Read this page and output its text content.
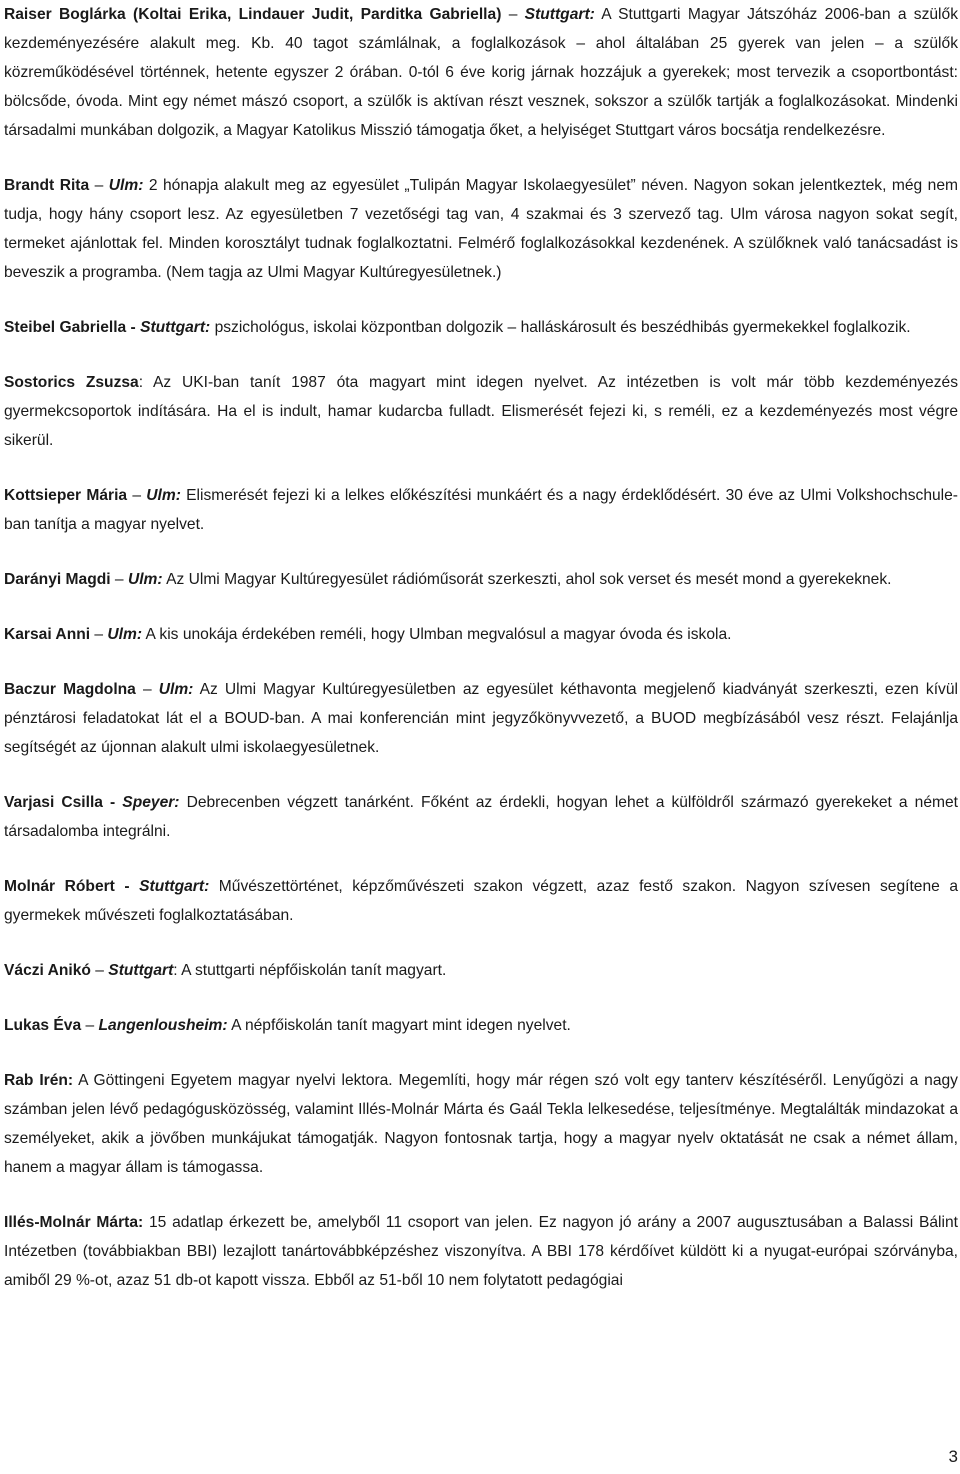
Raiser Boglárka (Koltai Erika, Lindauer Judit, Parditka Gabriella) – Stuttgart: A Stuttgarti Magyar Játszóház 2006-ban a szülők kezdeményezésére alakult meg. Kb. 40 tagot számlálnak, a foglalkozások – ahol általában 25 gyerek van jelen – a szülők közreműködésével történnek, hetente egyszer 2 órában. 0-tól 6 éve korig járnak hozzájuk a gyerekek; most tervezik a csoportbontást: bölcsőde, óvoda. Mint egy német mászó csoport, a szülők is aktívan részt vesznek, sokszor a szülők tartják a foglalkozásokat. Mindenki társadalmi munkában dolgozik, a Magyar Katolikus Misszió támogatja őket, a helyiséget Stuttgart város bocsátja rendelkezésre.

Brandt Rita – Ulm: 2 hónapja alakult meg az egyesület „Tulipán Magyar Iskolaegyesület” néven. Nagyon sokan jelentkeztek, még nem tudja, hogy hány csoport lesz. Az egyesületben 7 vezetőségi tag van, 4 szakmai és 3 szervező tag. Ulm városa nagyon sokat segít, termeket ajánlottak fel. Minden korosztályt tudnak foglalkoztatni. Felmérő foglalkozásokkal kezdenének. A szülőknek való tanácsadást is beveszik a programba. (Nem tagja az Ulmi Magyar Kultúregyesületnek.)

Steibel Gabriella - Stuttgart: pszichológus, iskolai központban dolgozik – halláskárosult és beszédhibás gyermekekkel foglalkozik.

Sostorics Zsuzsa: Az UKI-ban tanít 1987 óta magyart mint idegen nyelvet. Az intézetben is volt már több kezdeményezés gyermekcsoportok indítására. Ha el is indult, hamar kudarcba fulladt. Elismerését fejezi ki, s reméli, ez a kezdeményezés most végre sikerül.

Kottsieper Mária – Ulm: Elismerését fejezi ki a lelkes előkészítési munkáért és a nagy érdeklődésért. 30 éve az Ulmi Volkshochschule-ban tanítja a magyar nyelvet.

Darányi Magdi – Ulm: Az Ulmi Magyar Kultúregyesület rádióműsorát szerkeszti, ahol sok verset és mesét mond a gyerekeknek.

Karsai Anni – Ulm: A kis unokája érdekében reméli, hogy Ulmban megvalósul a magyar óvoda és iskola.

Baczur Magdolna – Ulm: Az Ulmi Magyar Kultúregyesületben az egyesület kéthavonta megjelenő kiadványát szerkeszti, ezen kívül pénztárosi feladatokat lát el a BOUD-ban. A mai konferencián mint jegyzőkönyvvezető, a BUOD megbízásából vesz részt. Felajánlja segítségét az újonnan alakult ulmi iskolaegyesületnek.

Varjasi Csilla - Speyer: Debrecenben végzett tanárként. Főként az érdekli, hogyan lehet a külföldről származó gyerekeket a német társadalomba integrálni.

Molnár Róbert - Stuttgart: Művészettörténet, képzőművészeti szakon végzett, azaz festő szakon. Nagyon szívesen segítene a gyermekek művészeti foglalkoztatásában.

Váczi Anikó – Stuttgart: A stuttgarti népfőiskolán tanít magyart.

Lukas Éva – Langenlousheim: A népfőiskolán tanít magyart mint idegen nyelvet.

Rab Irén: A Göttingeni Egyetem magyar nyelvi lektora. Megemlíti, hogy már régen szó volt egy tanterv készítéséről. Lenyűgözi a nagy számban jelen lévő pedagógusközösség, valamint Illés-Molnár Márta és Gaál Tekla lelkesedése, teljesítménye. Megtalálták mindazokat a személyeket, akik a jövőben munkájukat támogatják. Nagyon fontosnak tartja, hogy a magyar nyelv oktatását ne csak a német állam, hanem a magyar állam is támogassa.

Illés-Molnár Márta: 15 adatlap érkezett be, amelyből 11 csoport van jelen. Ez nagyon jó arány a 2007 augusztusában a Balassi Bálint Intézetben (továbbiakban BBI) lezajlott tanártovábbképzéshez viszonyítva. A BBI 178 kérdőívet küldött ki a nyugat-európai szórványba, amiből 29 %-ot, azaz 51 db-ot kapott vissza. Ebből az 51-ből 10 nem folytatott pedagógiai

3
